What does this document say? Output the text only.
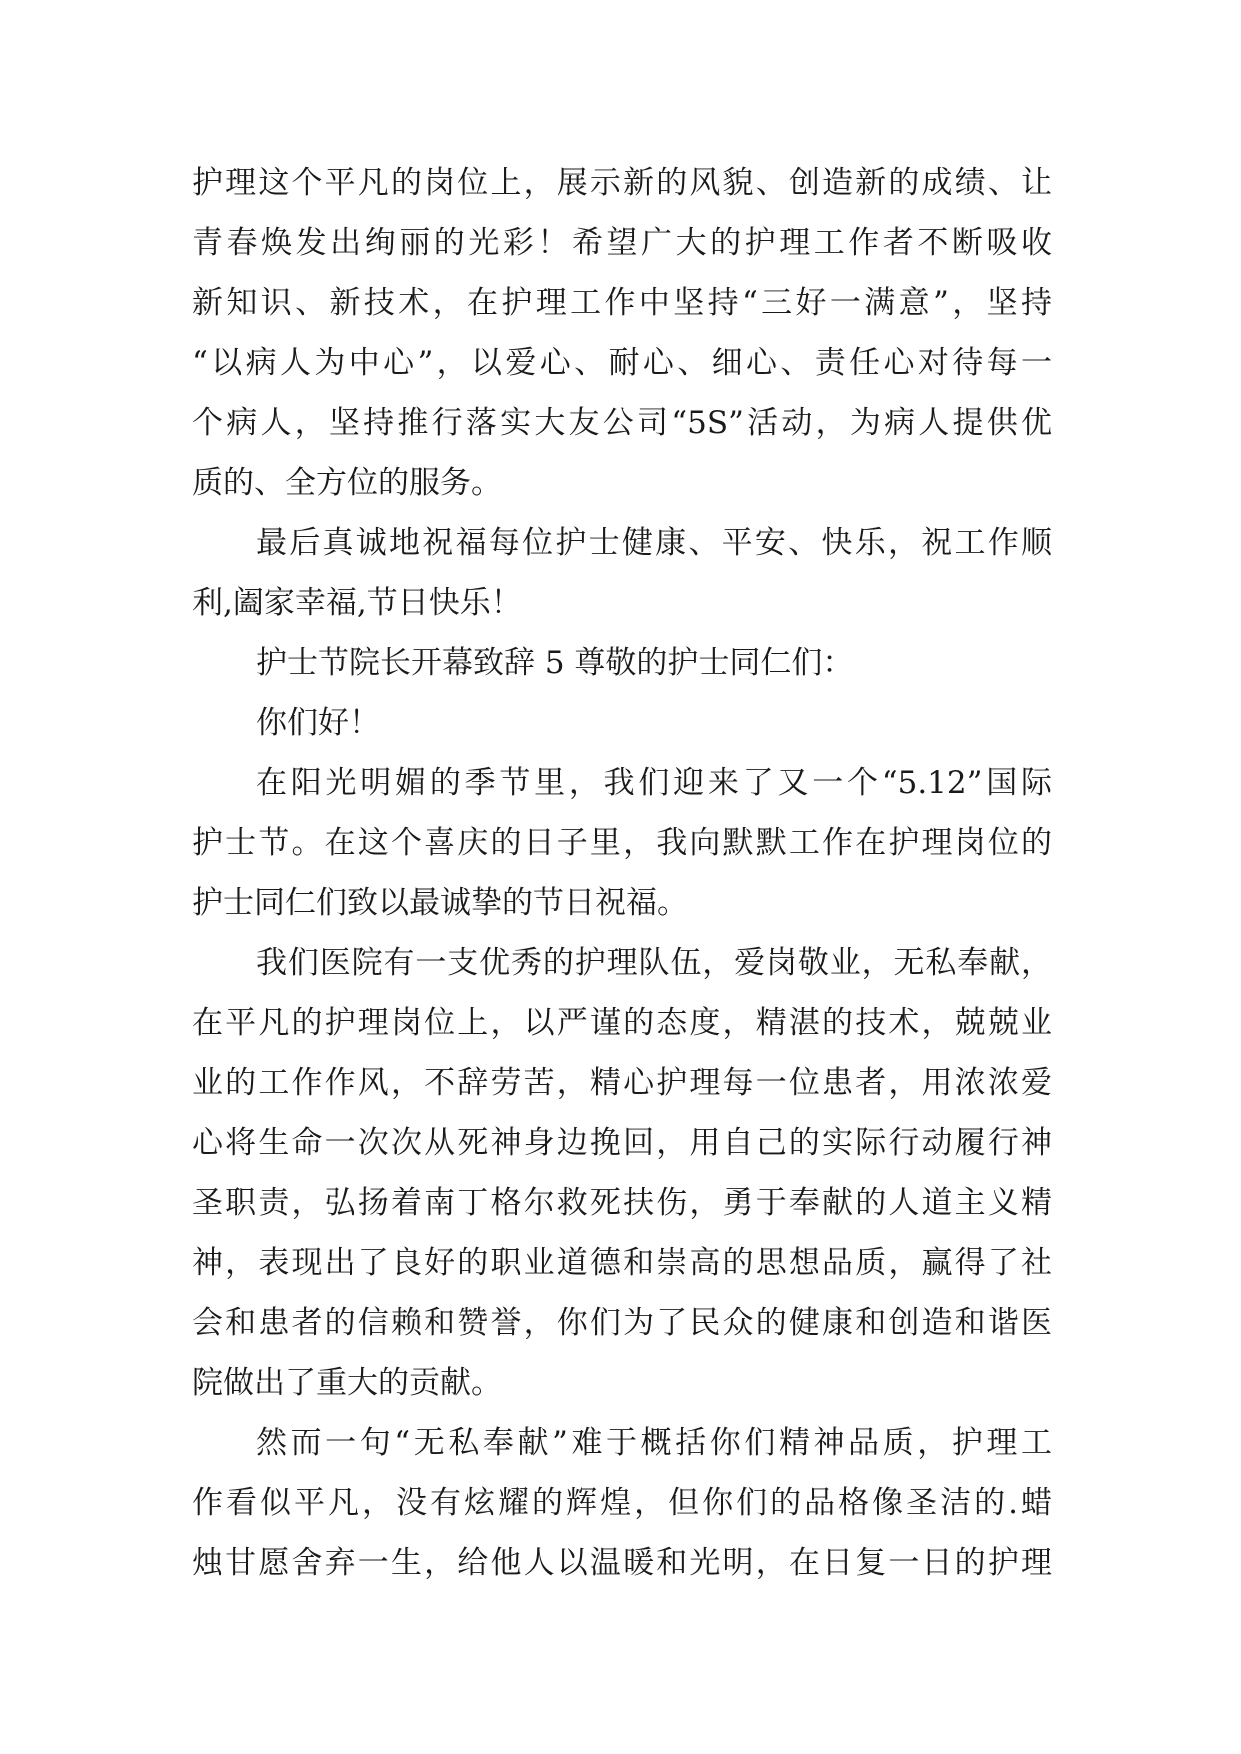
护理这个平凡的岗位上，展示新的风貌、创造新的成绩、让
青春焕发出绚丽的光彩！希望广大的护理工作者不断吸收
新知识、新技术，在护理工作中坚持“三好一满意”，坚持
“以病人为中心”，以爱心、耐心、细心、责任心对待每一
个病人，坚持推行落实大友公司“5S”活动，为病人提供优
质的、全方位的服务。
最后真诚地祝福每位护士健康、平安、快乐，祝工作顺
利,阖家幸福,节日快乐！
护士节院长开幕致辞 5 尊敬的护士同仁们：
你们好！
在阳光明媚的季节里，我们迎来了又一个“5.12”国际
护士节。在这个喜庆的日子里，我向默默工作在护理岗位的
护士同仁们致以最诚挚的节日祝福。
我们医院有一支优秀的护理队伍，爱岗敬业，无私奉献，
在平凡的护理岗位上，以严谨的态度，精湛的技术，兢兢业
业的工作作风，不辞劳苦，精心护理每一位患者，用浓浓爱
心将生命一次次从死神身边挽回，用自己的实际行动履行神
圣职责，弘扬着南丁格尔救死扶伤，勇于奉献的人道主义精
神，表现出了良好的职业道德和崇高的思想品质，赢得了社
会和患者的信赖和赞誉，你们为了民众的健康和创造和谐医
院做出了重大的贡献。
然而一句“无私奉献”难于概括你们精神品质，护理工
作看似平凡，没有炫耀的辉煌，但你们的品格像圣洁的.蜡
烛甘愿舍弃一生，给他人以温暖和光明，在日复一日的护理
